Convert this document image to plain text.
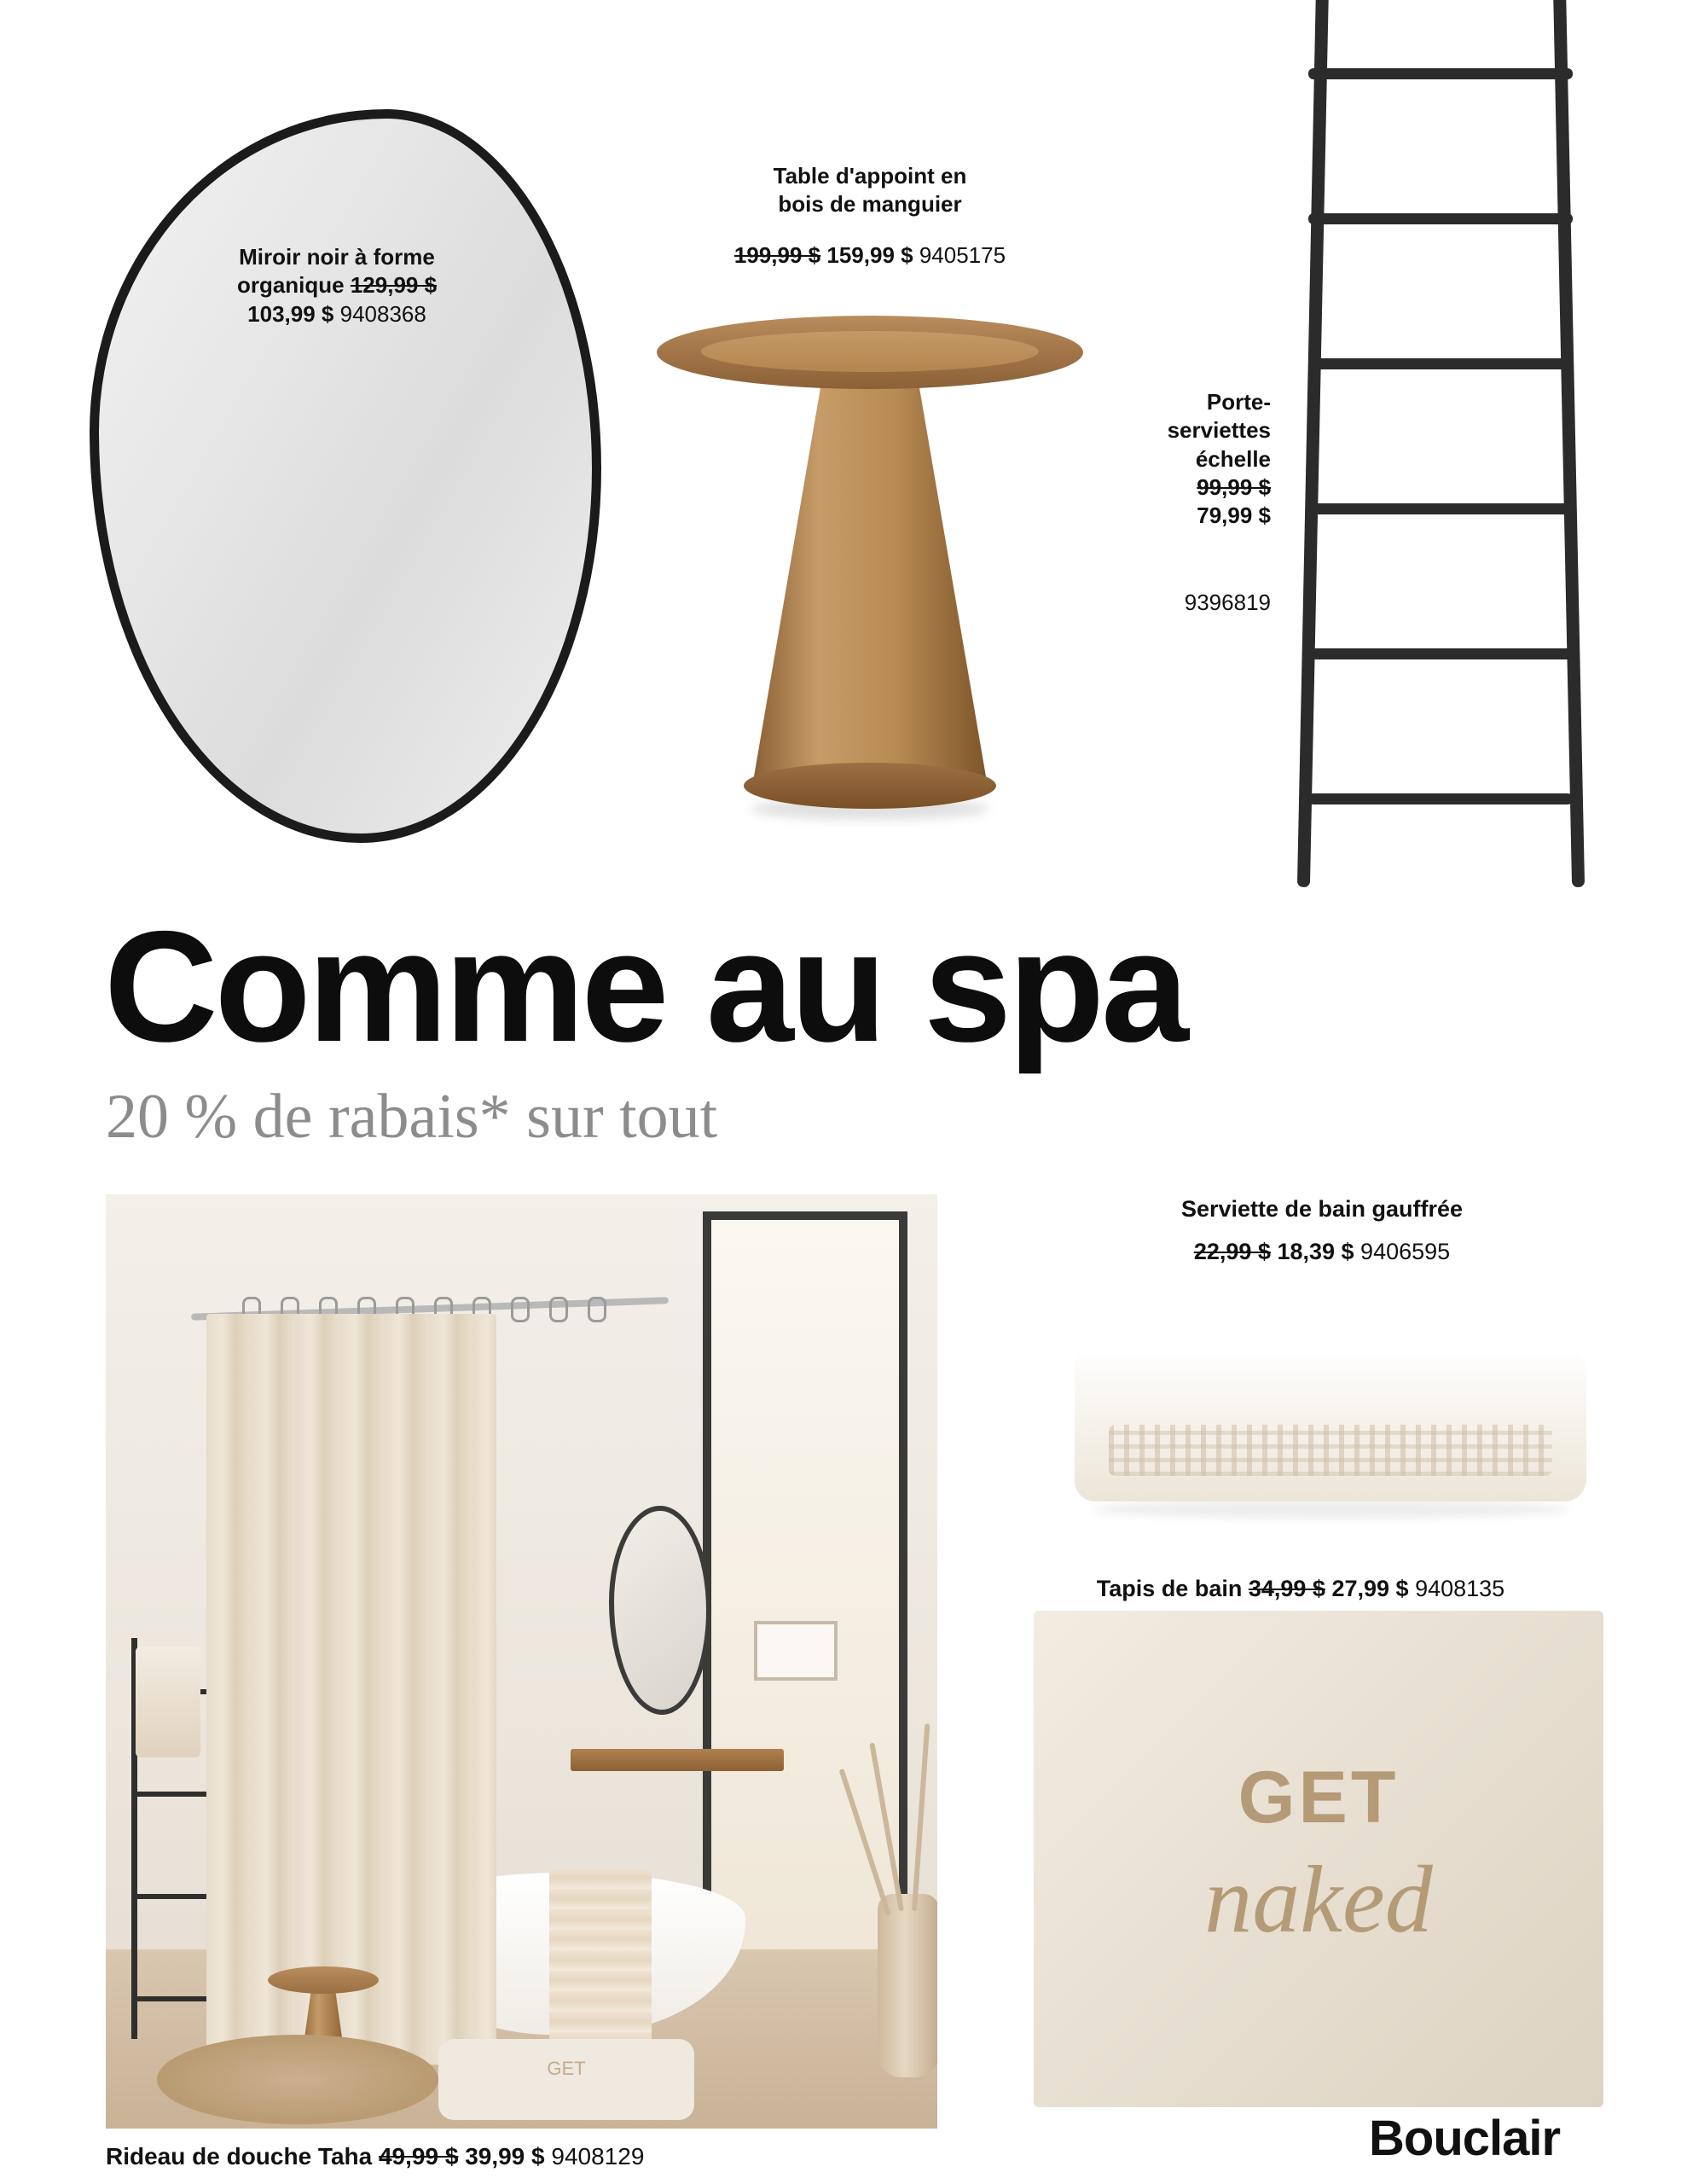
Miroir noir à forme
organique 129,99 $
103,99 $ 9408368
Table d'appoint en
bois de manguier
199,99 $ 159,99 $ 9405175
Porte-
serviettes
échelle
99,99 $
79,99 $
9396819
Comme au spa
20 % de rabais* sur tout
GET
Rideau de douche Taha 49,99 $ 39,99 $ 9408129
Serviette de bain gauffrée
22,99 $ 18,39 $ 9406595
Tapis de bain 34,99 $ 27,99 $ 9408135
GET
naked
Bouclair
